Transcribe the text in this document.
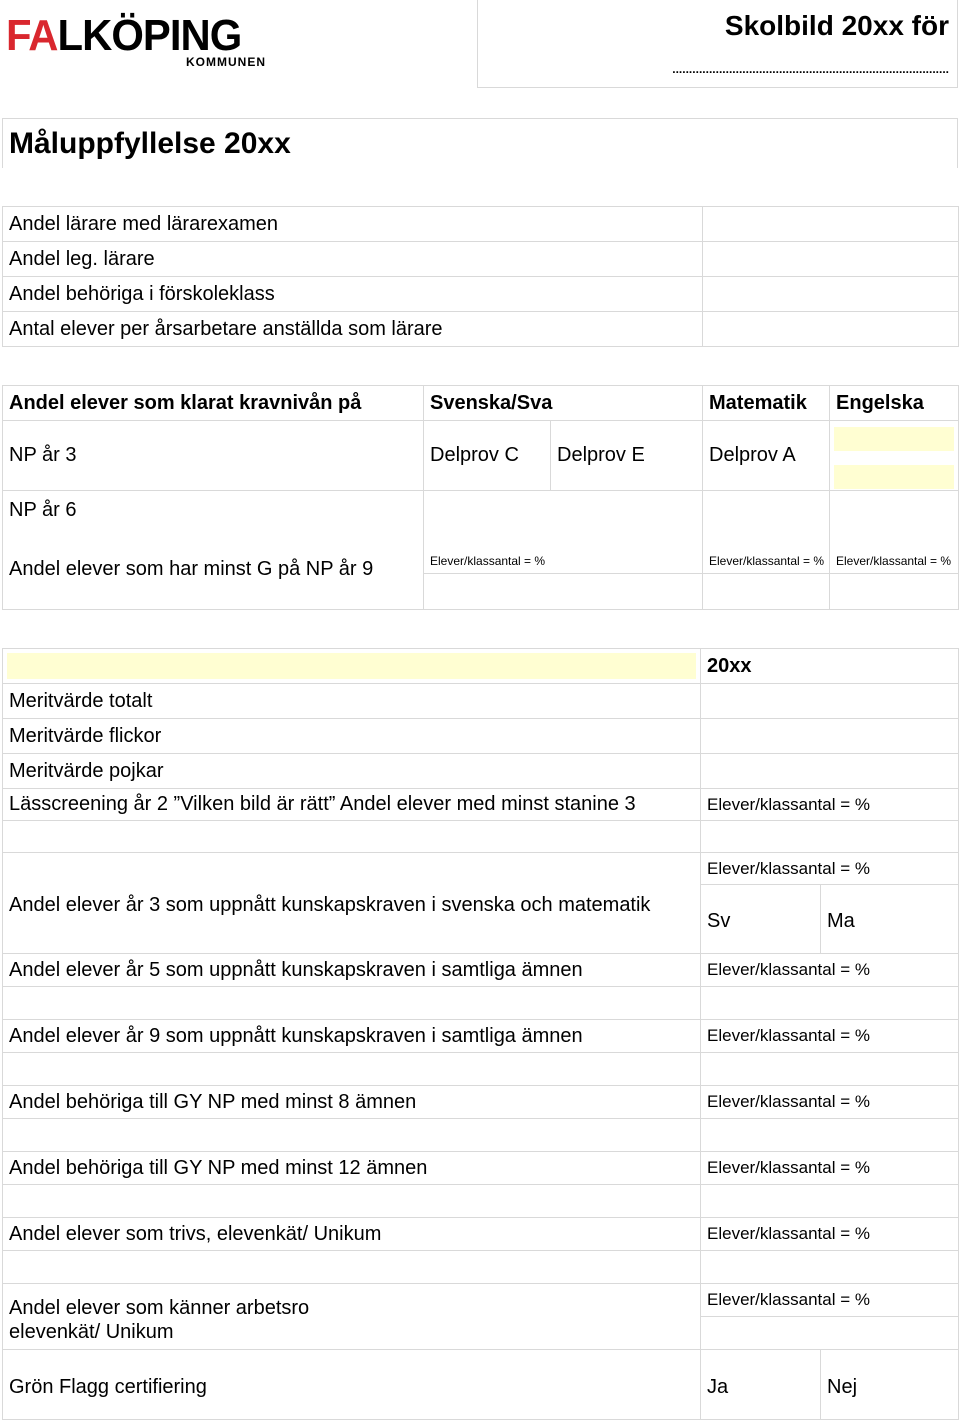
FALKÖPING
KOMMUNEN
Skolbild 20xx för
...................................................................................
Måluppfyllelse 20xx
Andel lärare med lärarexamen	
Andel leg. lärare	
Andel behöriga i förskoleklass	
Antal elever per årsarbetare anställda som lärare	
Andel elever som klarat kravnivån på	Svenska/Sva		Matematik	Engelska
NP år 3	Delprov C	Delprov E	Delprov A	

NP år 6
Andel elever som har minst G på NP år 9	Elever/klassantal = %		Elever/klassantal = %	Elever/klassantal = %
	20xx	
Meritvärde totalt		
Meritvärde flickor		
Meritvärde pojkar		
Lässcreening år 2 ”Vilken bild är rätt” Andel elever med minst stanine 3	Elever/klassantal = %	

Andel elever år 3 som uppnått kunskapskraven i svenska och matematik	Elever/klassantal = %	
	Sv	Ma
Andel elever år 5 som uppnått kunskapskraven i samtliga ämnen	Elever/klassantal = %	

Andel elever år 9 som uppnått kunskapskraven i samtliga ämnen	Elever/klassantal = %	

Andel behöriga till GY NP med minst 8 ämnen	Elever/klassantal = %	

Andel behöriga till GY NP med minst 12 ämnen	Elever/klassantal = %	

Andel elever som trivs, elevenkät/ Unikum	Elever/klassantal = %	

Andel elever som känner arbetsro
elevenkät/ Unikum	Elever/klassantal = %	

Grön Flagg certifiering	Ja	Nej
